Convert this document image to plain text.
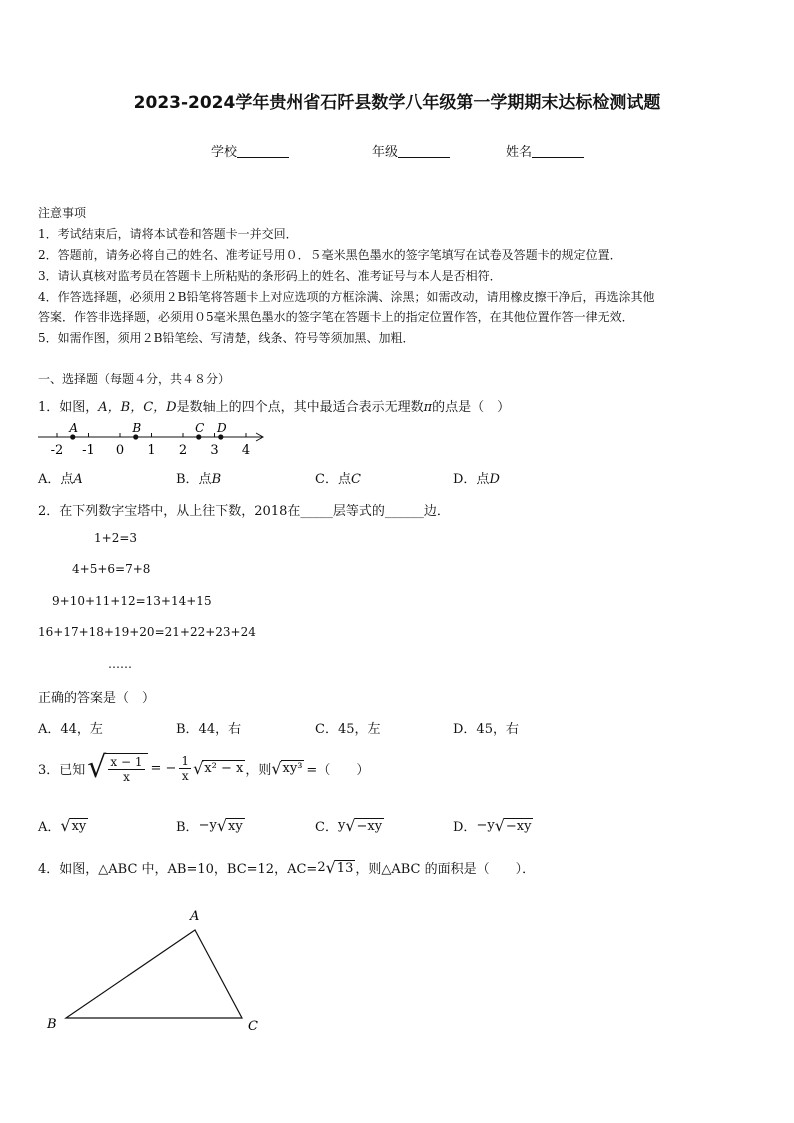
2023-2024学年贵州省石阡县数学八年级第一学期期末达标检测试题
学校	年级	姓名
注意事项
1．考试结束后，请将本试卷和答题卡一并交回．
2．答题前，请务必将自己的姓名、准考证号用０．５毫米黑色墨水的签字笔填写在试卷及答题卡的规定位置．
3．请认真核对监考员在答题卡上所粘贴的条形码上的姓名、准考证号与本人是否相符．
4．作答选择题，必须用２B铅笔将答题卡上对应选项的方框涂满、涂黑；如需改动，请用橡皮擦干净后，再选涂其他
答案．作答非选择题，必须用０5毫米黑色墨水的签字笔在答题卡上的指定位置作答，在其他位置作答一律无效．
5．如需作图，须用２B铅笔绘、写清楚，线条、符号等须加黑、加粗．
一、选择题（每题４分，共４８分）
1．如图，A，B，C，D是数轴上的四个点，其中最适合表示无理数π的点是（　）
-2 -1 0 1 2 3 4
A	B	C D
A．点A	B．点B	C．点C	D．点D
2．在下列数字宝塔中，从上往下数，2018在_____层等式的______边．
1+2=3
4+5+6=7+8
9+10+11+12=13+14+15
16+17+18+19+20=21+22+23+24
……
正确的答案是（　）
A．44，左	B．44，右	C．45，左	D．45，右
3．已知 √ $\frac{x - 1}{x}$ = − $\frac{1}{x}$ √ x² − x ，则 √ xy³ =（　　）
A． √ xy	B． −y √ xy	C． y √ −xy	D． −y √ −xy
4．如图，△ABC 中，AB=10，BC=12，AC= 2 √ 13 ，则△ABC 的面积是（　　）．
A
B	C
